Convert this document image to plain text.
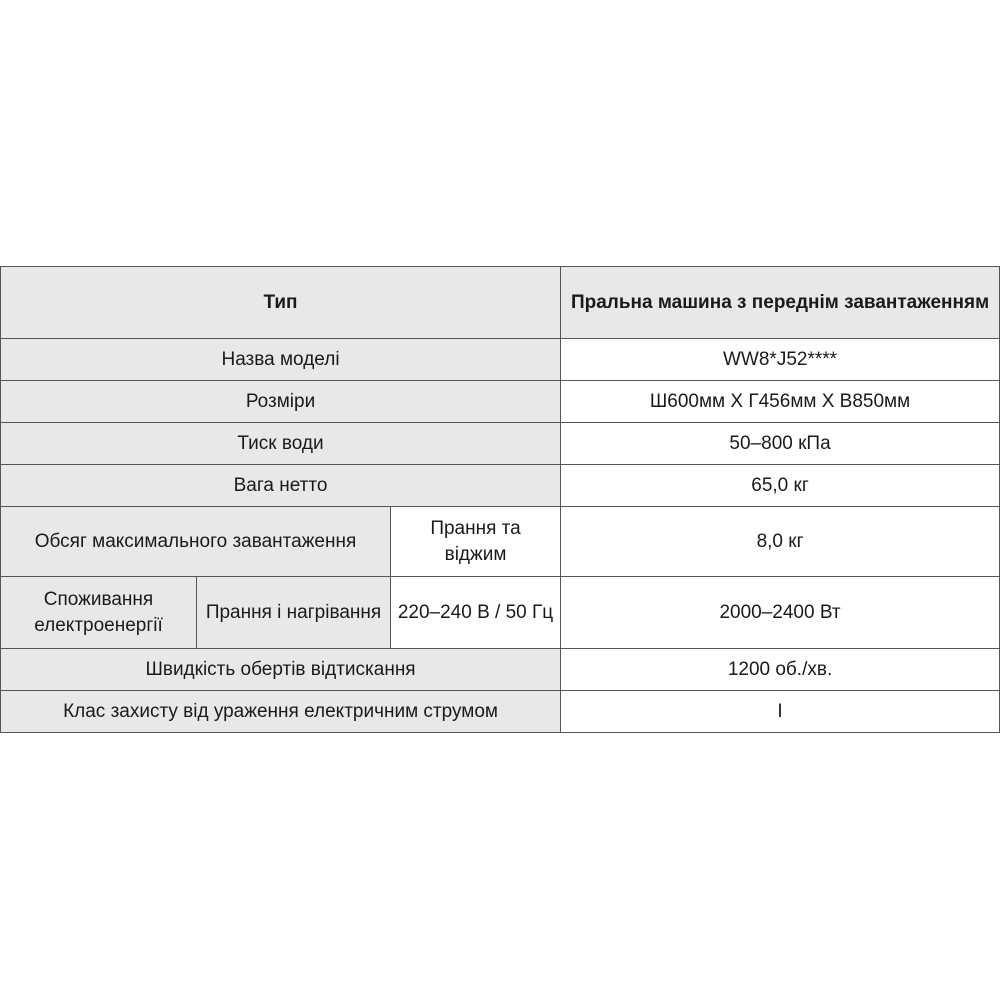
Тип			Пральна машина з переднім завантаженням
Назва моделі			WW8*J52****
Розміри			Ш600мм X Г456мм X В850мм
Тиск води			50–800 кПа
Вага нетто			65,0 кг
Обсяг максимального завантаження		Прання та віджим	8,0 кг
Споживання електроенергії	Прання і нагрівання	220–240 В / 50 Гц	2000–2400 Вт
Швидкість обертів відтискання			1200 об./хв.
Клас захисту від ураження електричним струмом			I
